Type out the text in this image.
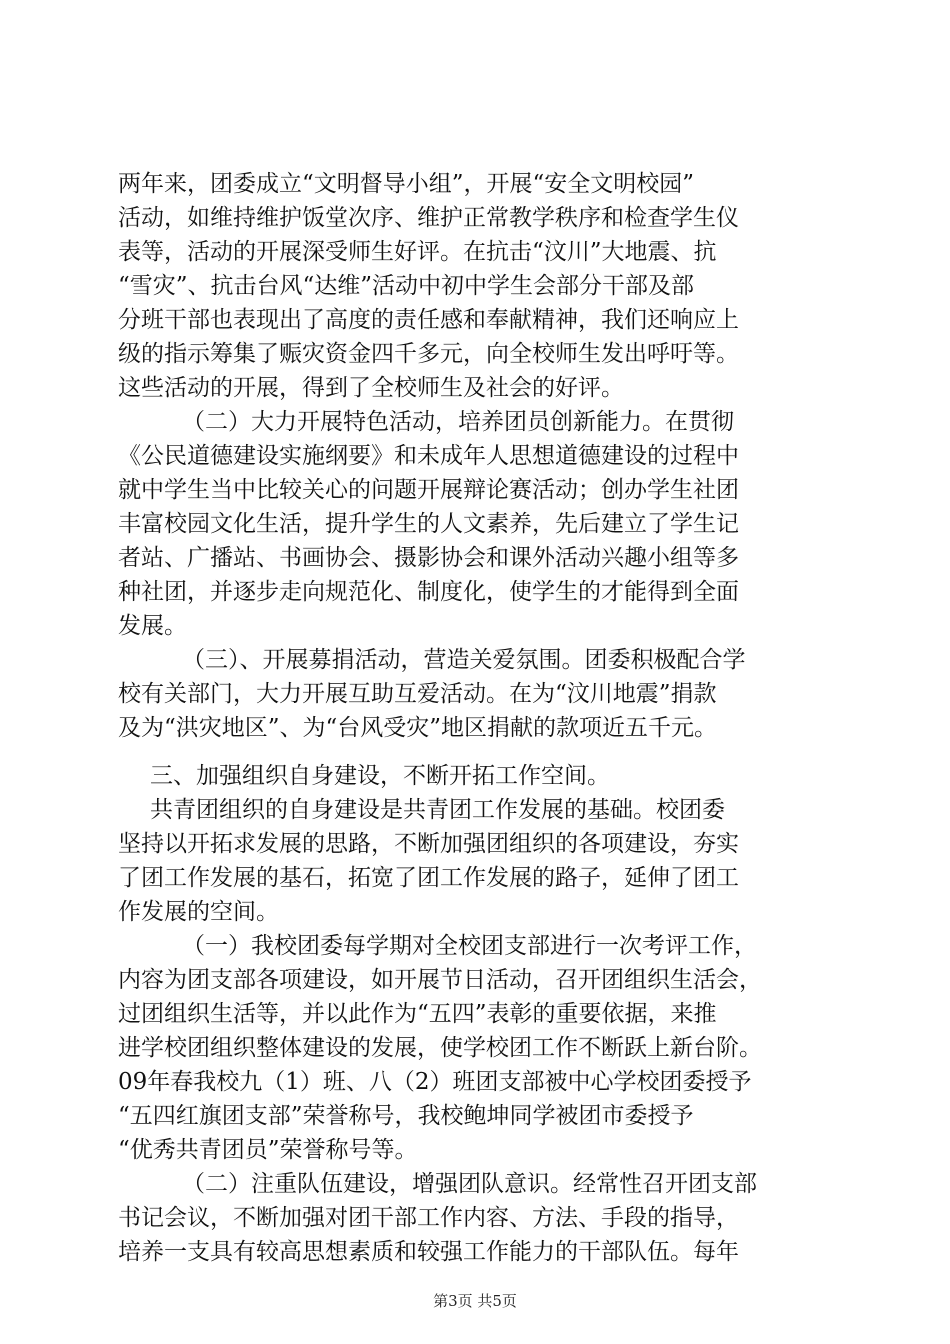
两年来，团委成立“文明督导小组”，开展“安全文明校园”

活动，如维持维护饭堂次序、维护正常教学秩序和检查学生仪

表等，活动的开展深受师生好评。在抗击“汶川”大地震、抗

“雪灾”、抗击台风“达维”活动中初中学生会部分干部及部

分班干部也表现出了高度的责任感和奉献精神，我们还响应上

级的指示筹集了赈灾资金四千多元，向全校师生发出呼吁等。

这些活动的开展，得到了全校师生及社会的好评。

（二）大力开展特色活动，培养团员创新能力。在贯彻

《公民道德建设实施纲要》和未成年人思想道德建设的过程中

就中学生当中比较关心的问题开展辩论赛活动；创办学生社团

丰富校园文化生活，提升学生的人文素养，先后建立了学生记

者站、广播站、书画协会、摄影协会和课外活动兴趣小组等多

种社团，并逐步走向规范化、制度化，使学生的才能得到全面

发展。

（三）、开展募捐活动，营造关爱氛围。团委积极配合学

校有关部门，大力开展互助互爱活动。在为“汶川地震”捐款

及为“洪灾地区”、为“台风受灾”地区捐献的款项近五千元。

三、加强组织自身建设，不断开拓工作空间。

共青团组织的自身建设是共青团工作发展的基础。校团委

坚持以开拓求发展的思路，不断加强团组织的各项建设，夯实

了团工作发展的基石，拓宽了团工作发展的路子，延伸了团工

作发展的空间。

（一）我校团委每学期对全校团支部进行一次考评工作，

内容为团支部各项建设，如开展节日活动，召开团组织生活会，

过团组织生活等，并以此作为“五四”表彰的重要依据，来推

进学校团组织整体建设的发展，使学校团工作不断跃上新台阶。

09年春我校九（1）班、八（2）班团支部被中心学校团委授予

“五四红旗团支部”荣誉称号，我校鲍坤同学被团市委授予

“优秀共青团员”荣誉称号等。

（二）注重队伍建设，增强团队意识。经常性召开团支部

书记会议，不断加强对团干部工作内容、方法、手段的指导，

培养一支具有较高思想素质和较强工作能力的干部队伍。每年

第3页 共5页
